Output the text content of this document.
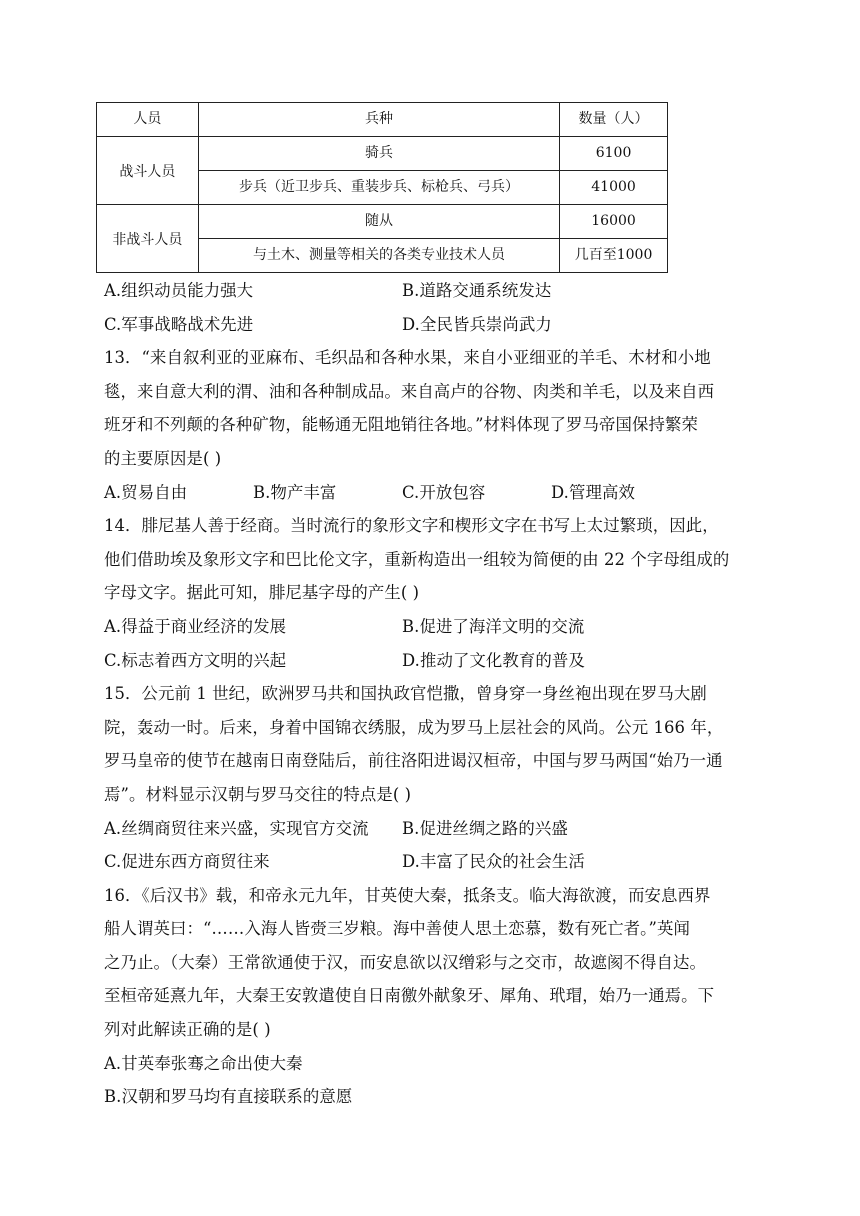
人员	兵种	数量（人）
战斗人员	骑兵	6100
	步兵（近卫步兵、重装步兵、标枪兵、弓兵）	41000
非战斗人员	随从	16000
	与土木、测量等相关的各类专业技术人员	几百至1000
A.组织动员能力强大	B.道路交通系统发达
C.军事战略战术先进	D.全民皆兵崇尚武力
13．“来自叙利亚的亚麻布、毛织品和各种水果，来自小亚细亚的羊毛、木材和小地
毯，来自意大利的渭、油和各种制成品。来自高卢的谷物、肉类和羊毛，以及来自西
班牙和不列颠的各种矿物，能畅通无阻地销往各地。”材料体现了罗马帝国保持繁荣
的主要原因是( )
A.贸易自由	B.物产丰富	C.开放包容	D.管理高效
14．腓尼基人善于经商。当时流行的象形文字和楔形文字在书写上太过繁琐，因此，
他们借助埃及象形文字和巴比伦文字，重新构造出一组较为简便的由 22 个字母组成的
字母文字。据此可知，腓尼基字母的产生( )
A.得益于商业经济的发展	B.促进了海洋文明的交流
C.标志着西方文明的兴起	D.推动了文化教育的普及
15．公元前 1 世纪，欧洲罗马共和国执政官恺撒，曾身穿一身丝袍出现在罗马大剧
院，轰动一时。后来，身着中国锦衣绣服，成为罗马上层社会的风尚。公元 166 年，
罗马皇帝的使节在越南日南登陆后，前往洛阳进谒汉桓帝，中国与罗马两国“始乃一通
焉”。材料显示汉朝与罗马交往的特点是( )
A.丝绸商贸往来兴盛，实现官方交流 B.促进丝绸之路的兴盛
C.促进东西方商贸往来	D.丰富了民众的社会生活
16．《后汉书》载，和帝永元九年，甘英使大秦，抵条支。临大海欲渡，而安息西界
船人谓英曰：“……入海人皆赍三岁粮。海中善使人思土恋慕，数有死亡者。”英闻
之乃止。（大秦）王常欲通使于汉，而安息欲以汉缯彩与之交市，故遮阂不得自达。
至桓帝延熹九年，大秦王安敦遣使自日南徼外献象牙、犀角、玳瑁，始乃一通焉。下
列对此解读正确的是( )
A.甘英奉张骞之命出使大秦
B.汉朝和罗马均有直接联系的意愿
